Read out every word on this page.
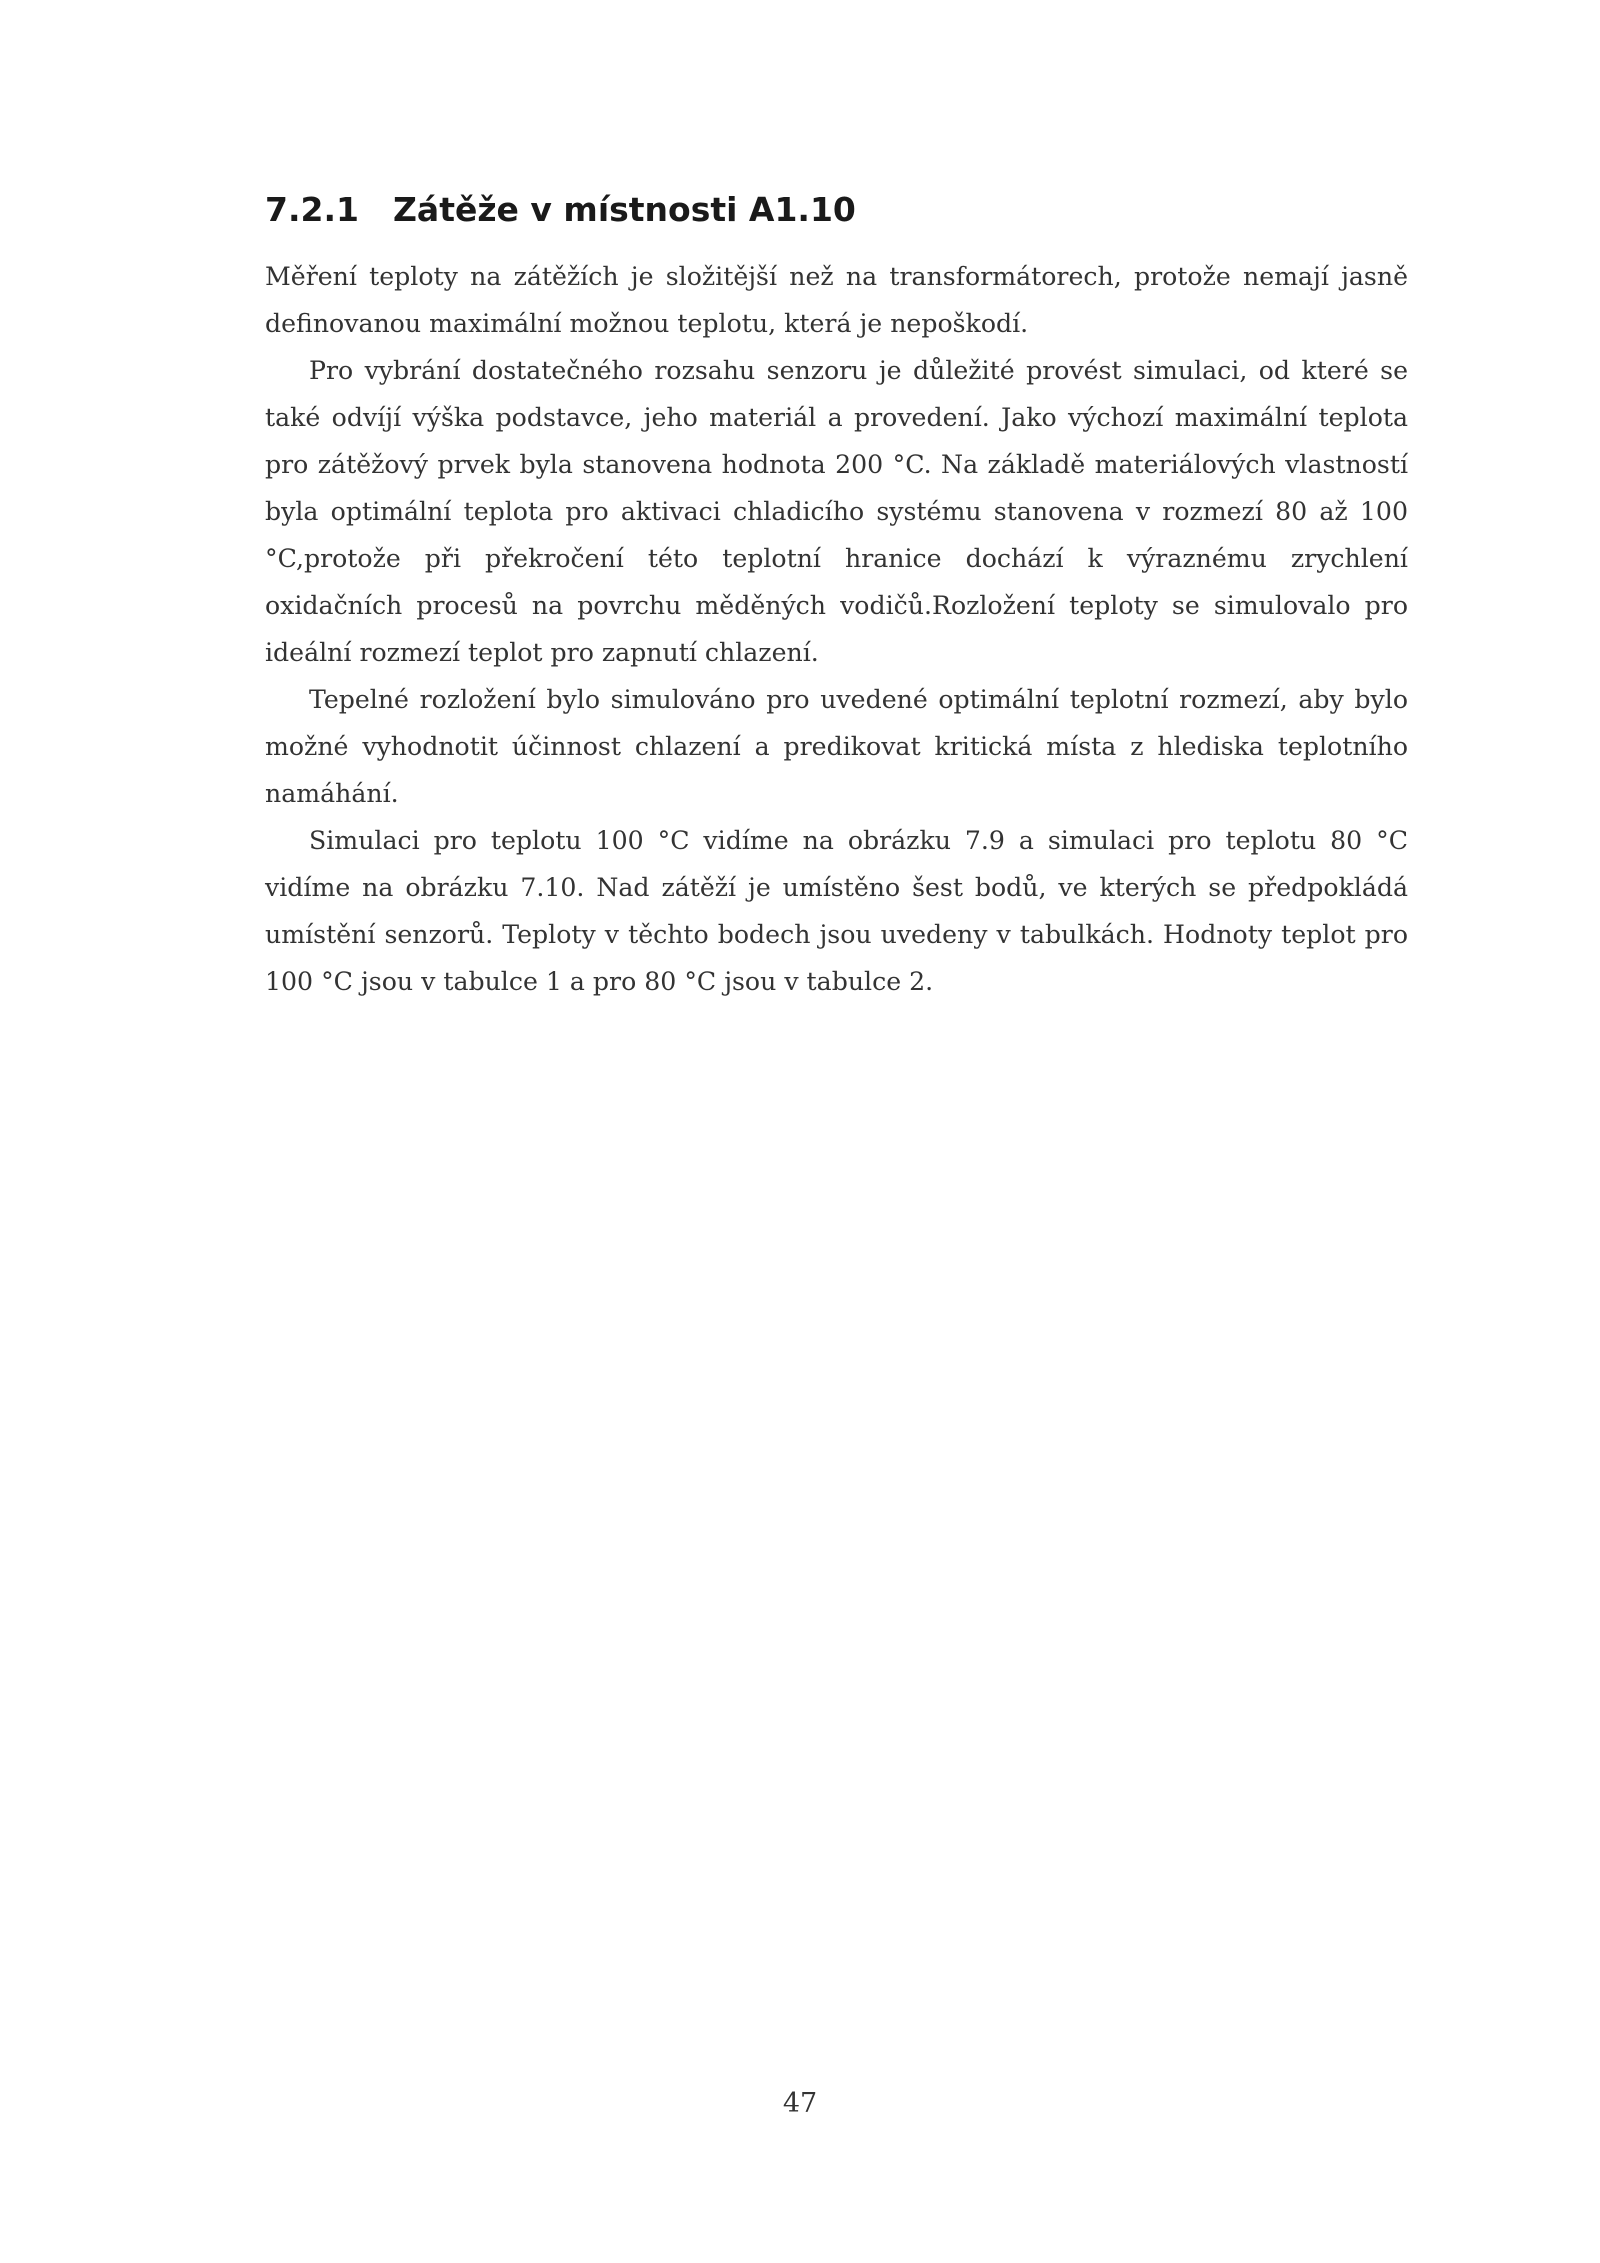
7.2.1 Zátěže v místnosti A1.10

Měření teploty na zátěžích je složitější než na transformátorech, protože nemají jasně definovanou maximální možnou teplotu, která je nepoškodí.

Pro vybrání dostatečného rozsahu senzoru je důležité provést simulaci, od které se také odvíjí výška podstavce, jeho materiál a provedení. Jako výchozí maximální teplota pro zátěžový prvek byla stanovena hodnota 200 °C. Na základě materiálových vlastností byla optimální teplota pro aktivaci chladicího systému stanovena v rozmezí 80 až 100 °C,protože při překročení této teplotní hranice dochází k výraznému zrychlení oxidačních procesů na povrchu měděných vodičů.Rozložení teploty se simulovalo pro ideální rozmezí teplot pro zapnutí chlazení.

Tepelné rozložení bylo simulováno pro uvedené optimální teplotní rozmezí, aby bylo možné vyhodnotit účinnost chlazení a predikovat kritická místa z hlediska teplotního namáhání.

Simulaci pro teplotu 100 °C vidíme na obrázku 7.9 a simulaci pro teplotu 80 °C vidíme na obrázku 7.10. Nad zátěží je umístěno šest bodů, ve kterých se předpokládá umístění senzorů. Teploty v těchto bodech jsou uvedeny v tabulkách. Hodnoty teplot pro 100 °C jsou v tabulce 1 a pro 80 °C jsou v tabulce 2.

47
